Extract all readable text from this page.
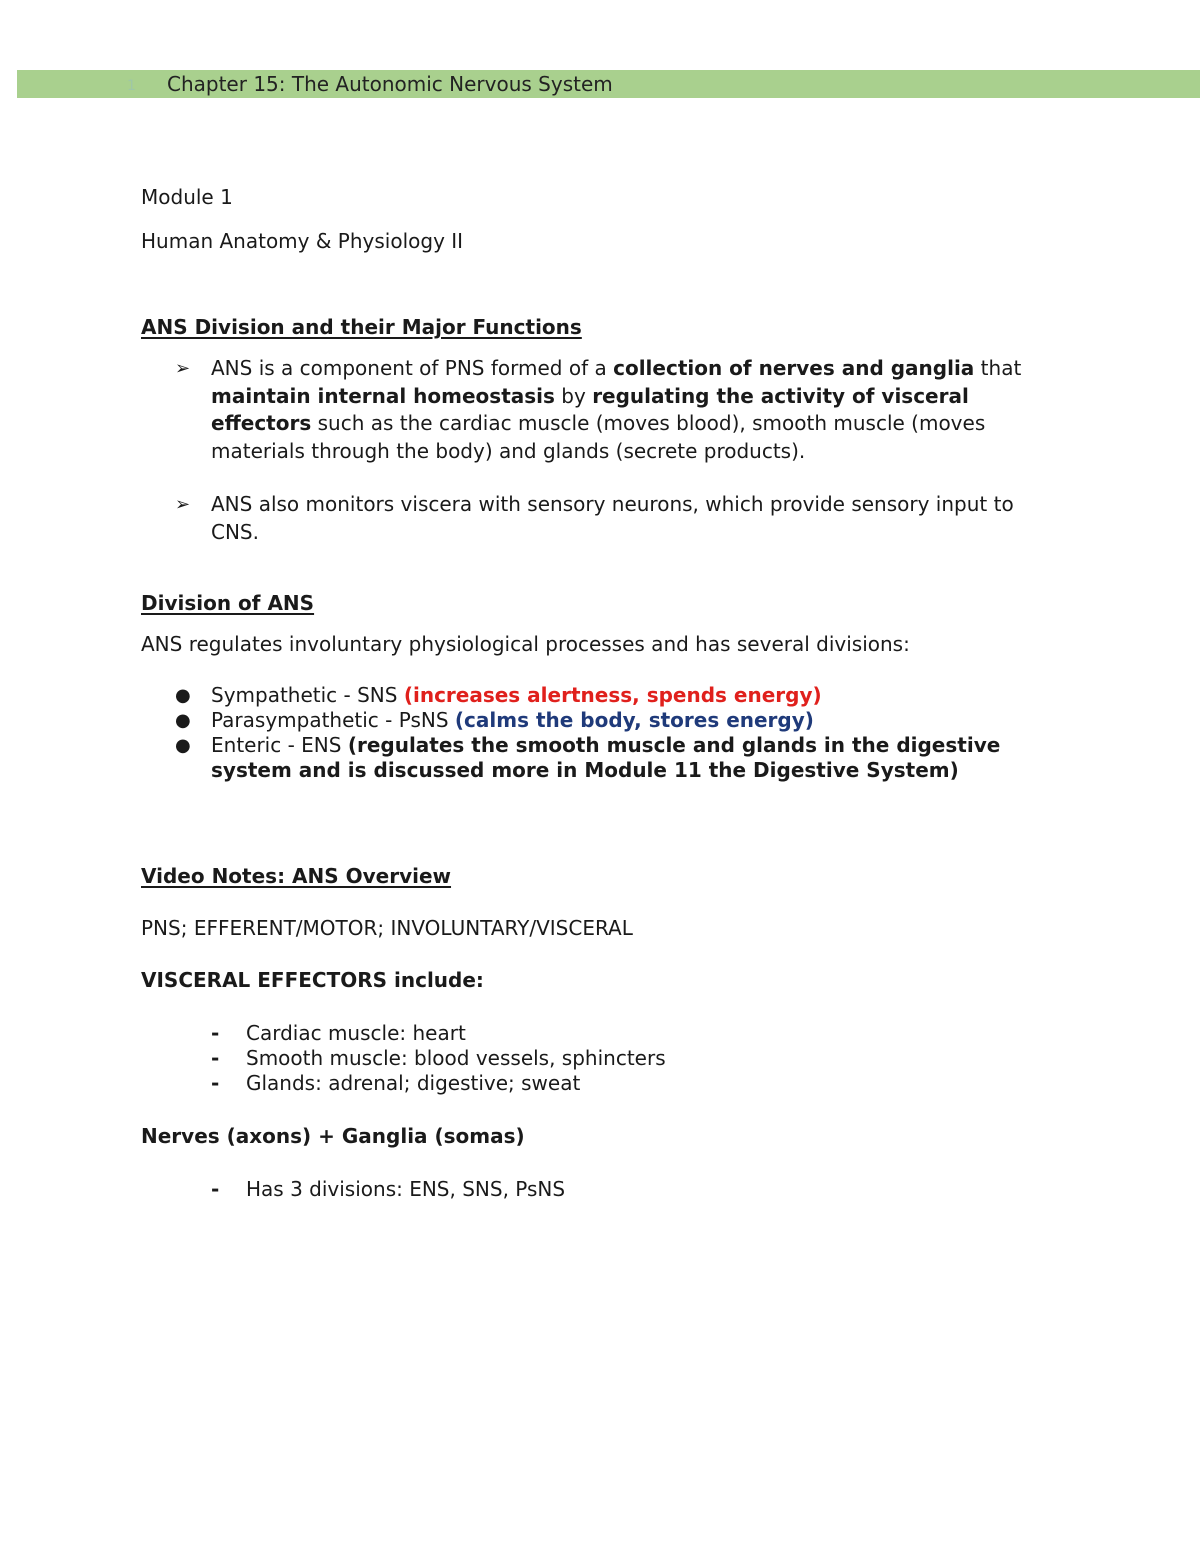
1 Chapter 15: The Autonomic Nervous System

Module 1

Human Anatomy & Physiology II

ANS Division and their Major Functions

➢ ANS is a component of PNS formed of a collection of nerves and ganglia that maintain internal homeostasis by regulating the activity of visceral effectors such as the cardiac muscle (moves blood), smooth muscle (moves materials through the body) and glands (secrete products).
➢ ANS also monitors viscera with sensory neurons, which provide sensory input to CNS.

Division of ANS

ANS regulates involuntary physiological processes and has several divisions:

● Sympathetic - SNS (increases alertness, spends energy)
● Parasympathetic - PsNS (calms the body, stores energy)
● Enteric - ENS (regulates the smooth muscle and glands in the digestive system and is discussed more in Module 11 the Digestive System)

Video Notes: ANS Overview

PNS; EFFERENT/MOTOR; INVOLUNTARY/VISCERAL

VISCERAL EFFECTORS include:

- Cardiac muscle: heart
- Smooth muscle: blood vessels, sphincters
- Glands: adrenal; digestive; sweat

Nerves (axons) + Ganglia (somas)

- Has 3 divisions: ENS, SNS, PsNS
